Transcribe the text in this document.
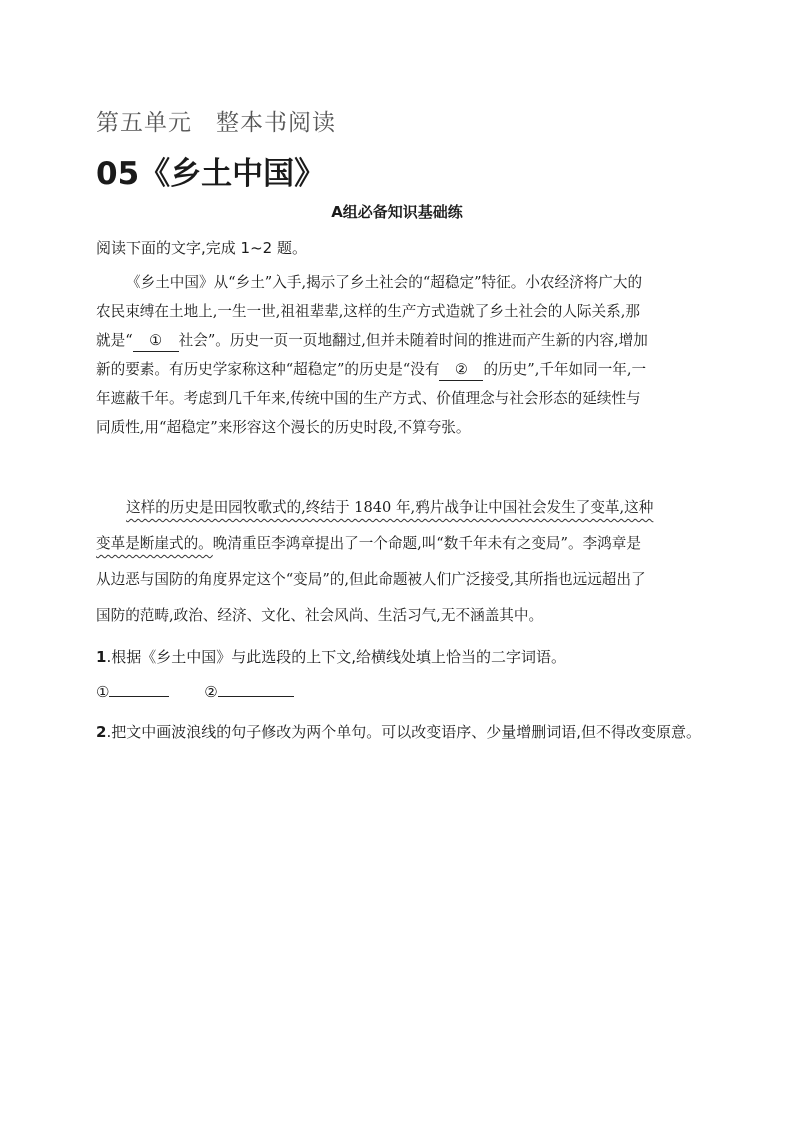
第五单元　整本书阅读
05《乡土中国》
A组必备知识基础练
阅读下面的文字,完成 1~2 题。
《乡土中国》从“乡土”入手,揭示了乡土社会的“超稳定”特征。小农经济将广大的
农民束缚在土地上,一生一世,祖祖辈辈,这样的生产方式造就了乡土社会的人际关系,那
就是“ ① 社会”。历史一页一页地翻过,但并未随着时间的推进而产生新的内容,增加
新的要素。有历史学家称这种“超稳定”的历史是“没有 ② 的历史”,千年如同一年,一
年遮蔽千年。考虑到几千年来,传统中国的生产方式、价值理念与社会形态的延续性与
同质性,用“超稳定”来形容这个漫长的历史时段,不算夸张。
这样的历史是田园牧歌式的,终结于 1840 年,鸦片战争让中国社会发生了变革,这种
变革是断崖式的。晚清重臣李鸿章提出了一个命题,叫“数千年未有之变局”。李鸿章是
从边恶与国防的角度界定这个“变局”的,但此命题被人们广泛接受,其所指也远远超出了
国防的范畴,政治、经济、文化、社会风尚、生活习气,无不涵盖其中。
1.根据《乡土中国》与此选段的上下文,给横线处填上恰当的二字词语。
①	②
2.把文中画波浪线的句子修改为两个单句。可以改变语序、少量增删词语,但不得改变原意。
